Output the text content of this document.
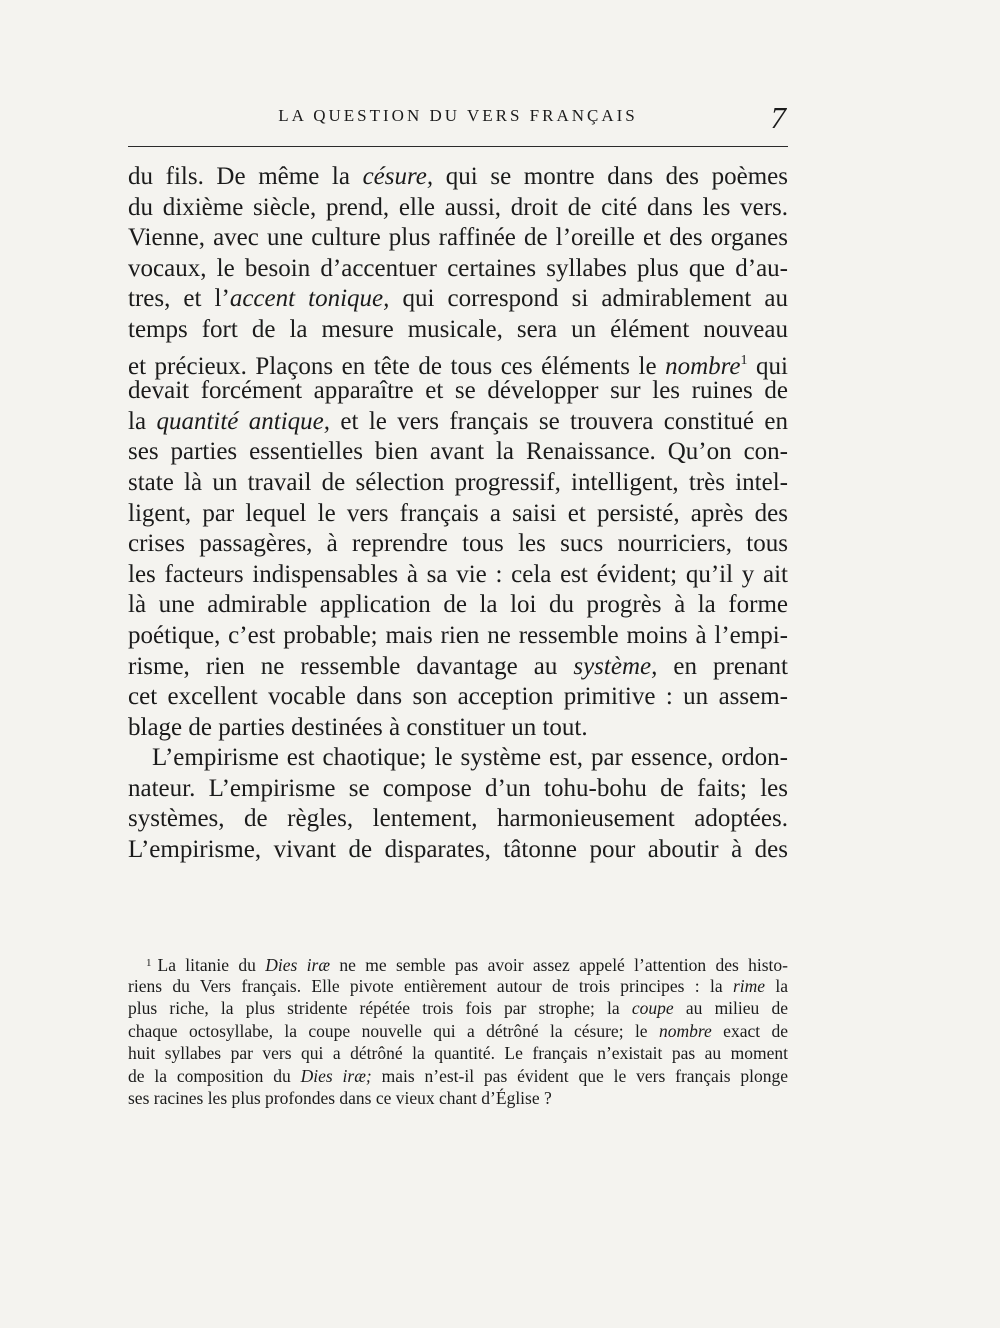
LA QUESTION DU VERS FRANÇAIS	7
du fils. De même la césure, qui se montre dans des poèmes
du dixième siècle, prend, elle aussi, droit de cité dans les vers.
Vienne, avec une culture plus raffinée de l’oreille et des organes
vocaux, le besoin d’accentuer certaines syllabes plus que d’au-
tres, et l’accent tonique, qui correspond si admirablement au
temps fort de la mesure musicale, sera un élément nouveau
et précieux. Plaçons en tête de tous ces éléments le nombre$^1$ qui
devait forcément apparaître et se développer sur les ruines de
la quantité antique, et le vers français se trouvera constitué en
ses parties essentielles bien avant la Renaissance. Qu’on con-
state là un travail de sélection progressif, intelligent, très intel-
ligent, par lequel le vers français a saisi et persisté, après des
crises passagères, à reprendre tous les sucs nourriciers, tous
les facteurs indispensables à sa vie : cela est évident; qu’il y ait
là une admirable application de la loi du progrès à la forme
poétique, c’est probable; mais rien ne ressemble moins à l’empi-
risme, rien ne ressemble davantage au système, en prenant
cet excellent vocable dans son acception primitive : un assem-
blage de parties destinées à constituer un tout.
L’empirisme est chaotique; le système est, par essence, ordon-
nateur. L’empirisme se compose d’un tohu-bohu de faits; les
systèmes, de règles, lentement, harmonieusement adoptées.
L’empirisme, vivant de disparates, tâtonne pour aboutir à des
$^1$ La litanie du Dies iræ ne me semble pas avoir assez appelé l’attention des histo-
riens du Vers français. Elle pivote entièrement autour de trois principes : la rime la
plus riche, la plus stridente répétée trois fois par strophe; la coupe au milieu de
chaque octosyllabe, la coupe nouvelle qui a détrôné la césure; le nombre exact de
huit syllabes par vers qui a détrôné la quantité. Le français n’existait pas au moment
de la composition du Dies iræ; mais n’est-il pas évident que le vers français plonge
ses racines les plus profondes dans ce vieux chant d’Église ?
